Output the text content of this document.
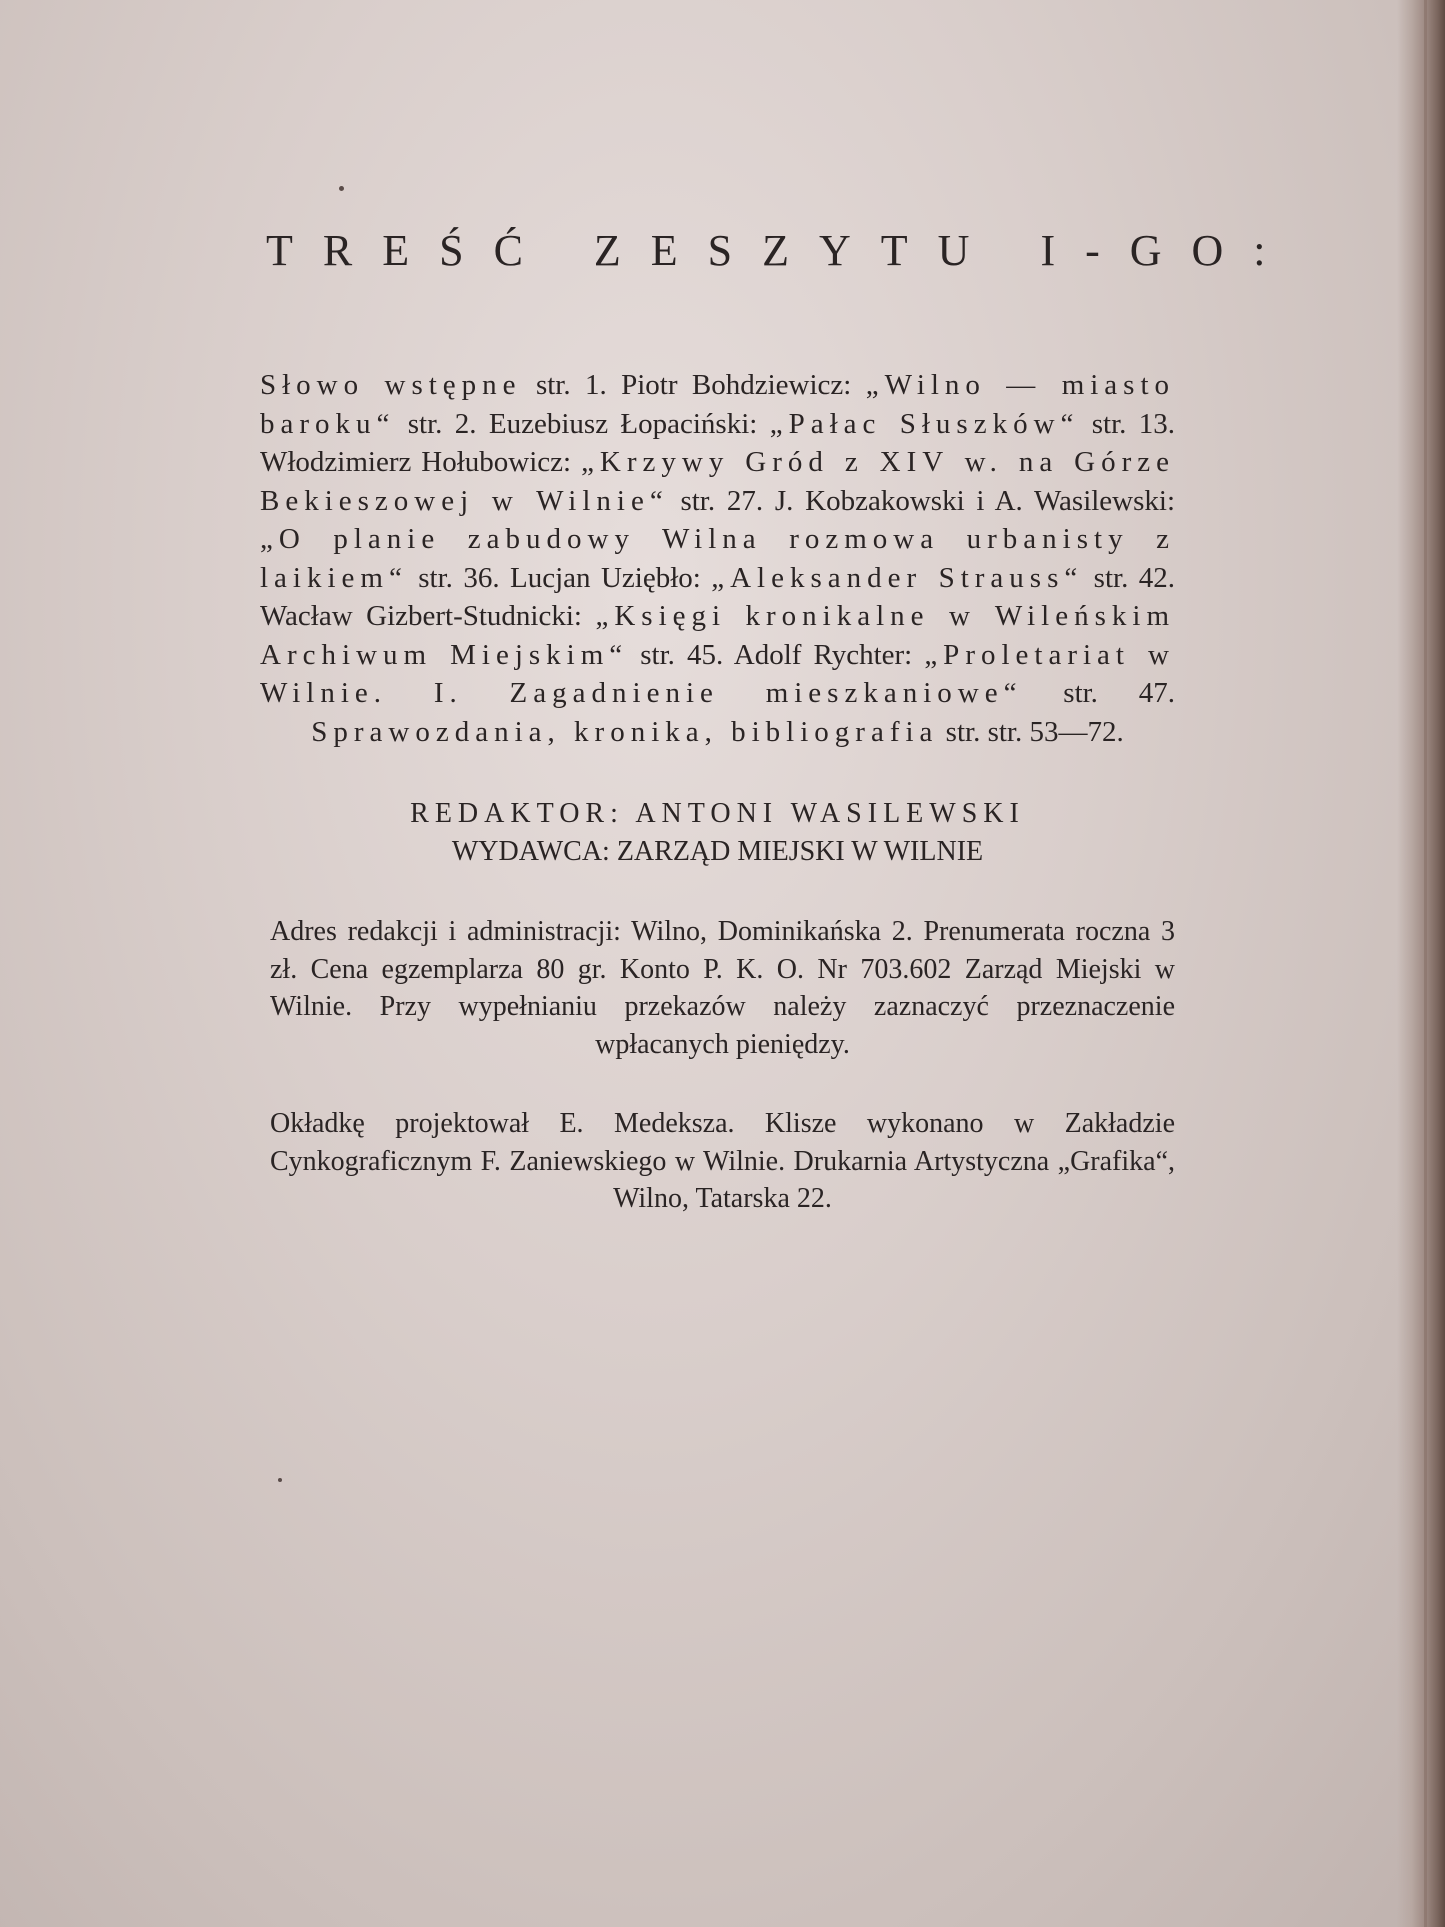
TREŚĆ ZESZYTU I-GO:
Słowo wstępne str. 1. Piotr Bohdziewicz: „Wilno — miasto baroku“ str. 2. Euzebiusz Łopaciński: „Pałac Słuszków“ str. 13. Włodzimierz Hołubowicz: „Krzywy Gród z XIV w. na Górze Bekieszowej w Wilnie“ str. 27. J. Kobzakowski i A. Wasilewski: „O planie zabudowy Wilna rozmowa urbanisty z laikiem“ str. 36. Lucjan Uziębło: „Aleksander Strauss“ str. 42. Wacław Gizbert-Studnicki: „Księgi kronikalne w Wileńskim Archiwum Miejskim“ str. 45. Adolf Rychter: „Proletariat w Wilnie. I. Zagadnienie mieszkaniowe“ str. 47. Sprawozdania, kronika, bibliografia str. str. 53—72.
REDAKTOR: ANTONI WASILEWSKI
WYDAWCA: ZARZĄD MIEJSKI W WILNIE

Adres redakcji i administracji: Wilno, Dominikańska 2. Prenumerata roczna 3 zł. Cena egzemplarza 80 gr. Konto P. K. O. Nr 703.602 Zarząd Miejski w Wilnie. Przy wypełnianiu przekazów należy zaznaczyć przeznaczenie wpłacanych pieniędzy.

Okładkę projektował E. Medeksza. Klisze wykonano w Zakładzie Cynkograficznym F. Zaniewskiego w Wilnie. Drukarnia Artystyczna „Grafika“, Wilno, Tatarska 22.
